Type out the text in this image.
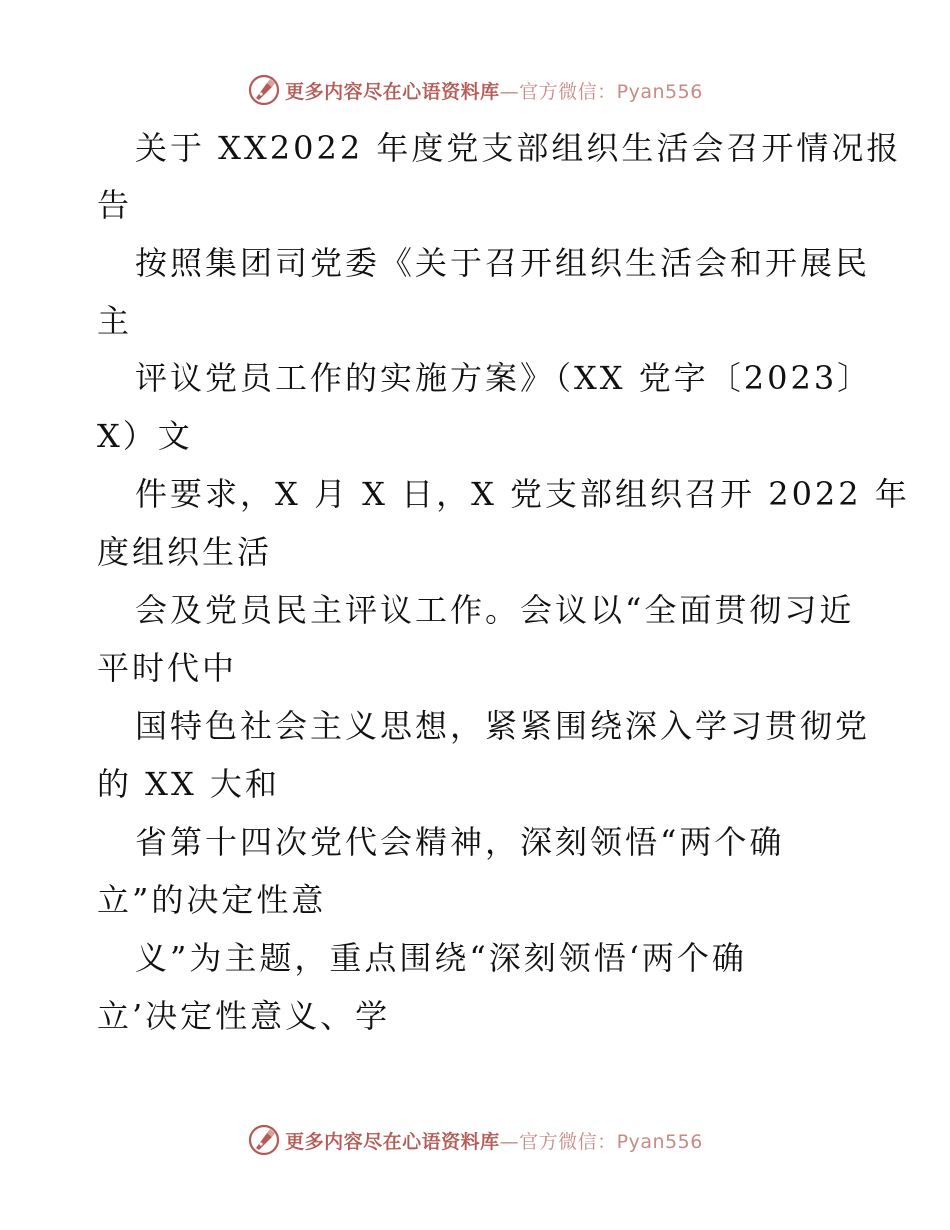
更多内容尽在心语资料库—官方微信：Pyan556
关于 XX2022 年度党支部组织生活会召开情况报
告
按照集团司党委《关于召开组织生活会和开展民
主
评议党员工作的实施方案》（XX 党字〔2023〕
X）文
件要求，X 月 X 日，X 党支部组织召开 2022 年
度组织生活
会及党员民主评议工作。会议以“全面贯彻习近
平时代中
国特色社会主义思想，紧紧围绕深入学习贯彻党
的 XX 大和
省第十四次党代会精神，深刻领悟“两个确
立”的决定性意
义”为主题，重点围绕“深刻领悟‘两个确
立’决定性意义、学
更多内容尽在心语资料库—官方微信：Pyan556
